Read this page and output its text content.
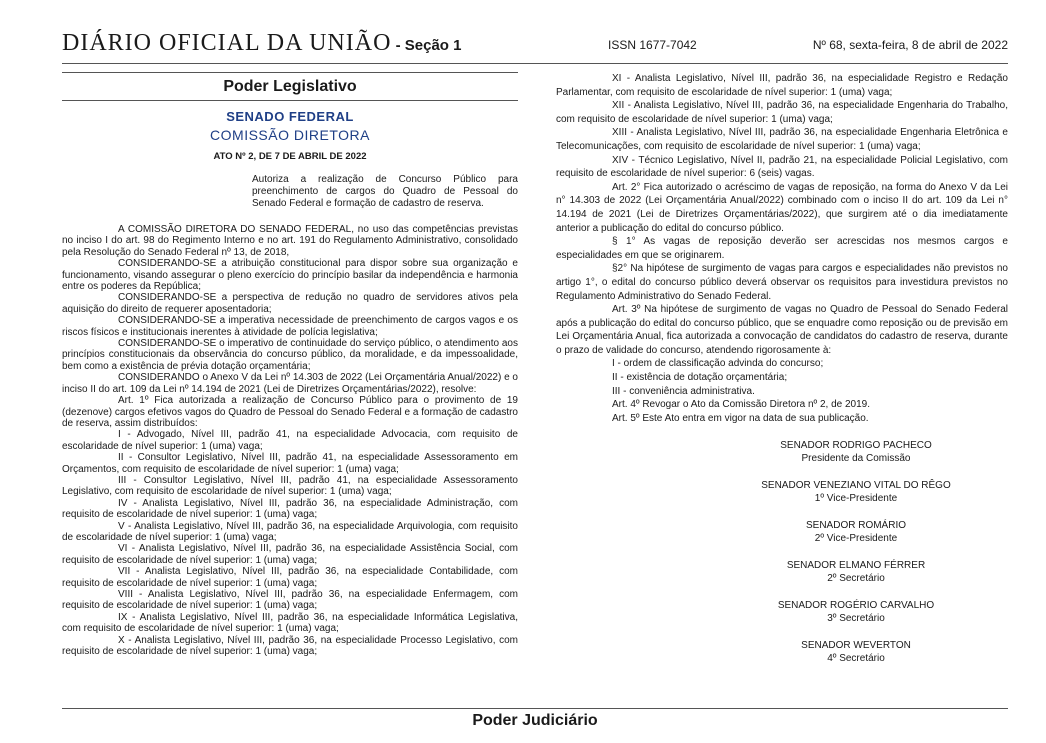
DIÁRIO OFICIAL DA UNIÃO - Seção 1	ISSN 1677-7042	Nº 68, sexta-feira, 8 de abril de 2022
Poder Legislativo
SENADO FEDERAL
COMISSÃO DIRETORA
ATO Nº 2, DE 7 DE ABRIL DE 2022
Autoriza a realização de Concurso Público para preenchimento de cargos do Quadro de Pessoal do Senado Federal e formação de cadastro de reserva.

A COMISSÃO DIRETORA DO SENADO FEDERAL, no uso das competências previstas no inciso I do art. 98 do Regimento Interno e no art. 191 do Regulamento Administrativo, consolidado pela Resolução do Senado Federal nº 13, de 2018,

CONSIDERANDO-SE a atribuição constitucional para dispor sobre sua organização e funcionamento, visando assegurar o pleno exercício do princípio basilar da independência e harmonia entre os poderes da República;

CONSIDERANDO-SE a perspectiva de redução no quadro de servidores ativos pela aquisição do direito de requerer aposentadoria;

CONSIDERANDO-SE a imperativa necessidade de preenchimento de cargos vagos e os riscos físicos e institucionais inerentes à atividade de polícia legislativa;

CONSIDERANDO-SE o imperativo de continuidade do serviço público, o atendimento aos princípios constitucionais da observância do concurso público, da moralidade, e da impessoalidade, bem como a existência de prévia dotação orçamentária;

CONSIDERANDO o Anexo V da Lei nº 14.303 de 2022 (Lei Orçamentária Anual/2022) e o inciso II do art. 109 da Lei nº 14.194 de 2021 (Lei de Diretrizes Orçamentárias/2022), resolve:

Art. 1º Fica autorizada a realização de Concurso Público para o provimento de 19 (dezenove) cargos efetivos vagos do Quadro de Pessoal do Senado Federal e a formação de cadastro de reserva, assim distribuídos:

I - Advogado, Nível III, padrão 41, na especialidade Advocacia, com requisito de escolaridade de nível superior: 1 (uma) vaga;

II - Consultor Legislativo, Nível III, padrão 41, na especialidade Assessoramento em Orçamentos, com requisito de escolaridade de nível superior: 1 (uma) vaga;

III - Consultor Legislativo, Nível III, padrão 41, na especialidade Assessoramento Legislativo, com requisito de escolaridade de nível superior: 1 (uma) vaga;

IV - Analista Legislativo, Nível III, padrão 36, na especialidade Administração, com requisito de escolaridade de nível superior: 1 (uma) vaga;

V - Analista Legislativo, Nível III, padrão 36, na especialidade Arquivologia, com requisito de escolaridade de nível superior: 1 (uma) vaga;

VI - Analista Legislativo, Nível III, padrão 36, na especialidade Assistência Social, com requisito de escolaridade de nível superior: 1 (uma) vaga;

VII - Analista Legislativo, Nível III, padrão 36, na especialidade Contabilidade, com requisito de escolaridade de nível superior: 1 (uma) vaga;

VIII - Analista Legislativo, Nível III, padrão 36, na especialidade Enfermagem, com requisito de escolaridade de nível superior: 1 (uma) vaga;

IX - Analista Legislativo, Nível III, padrão 36, na especialidade Informática Legislativa, com requisito de escolaridade de nível superior: 1 (uma) vaga;

X - Analista Legislativo, Nível III, padrão 36, na especialidade Processo Legislativo, com requisito de escolaridade de nível superior: 1 (uma) vaga;

XI - Analista Legislativo, Nível III, padrão 36, na especialidade Registro e Redação Parlamentar, com requisito de escolaridade de nível superior: 1 (uma) vaga;

XII - Analista Legislativo, Nível III, padrão 36, na especialidade Engenharia do Trabalho, com requisito de escolaridade de nível superior: 1 (uma) vaga;

XIII - Analista Legislativo, Nível III, padrão 36, na especialidade Engenharia Eletrônica e Telecomunicações, com requisito de escolaridade de nível superior: 1 (uma) vaga;

XIV - Técnico Legislativo, Nível II, padrão 21, na especialidade Policial Legislativo, com requisito de escolaridade de nível superior: 6 (seis) vagas.

Art. 2° Fica autorizado o acréscimo de vagas de reposição, na forma do Anexo V da Lei n° 14.303 de 2022 (Lei Orçamentária Anual/2022) combinado com o inciso II do art. 109 da Lei n° 14.194 de 2021 (Lei de Diretrizes Orçamentárias/2022), que surgirem até o dia imediatamente anterior a publicação do edital do concurso público.

§ 1° As vagas de reposição deverão ser acrescidas nos mesmos cargos e especialidades em que se originarem.

§2° Na hipótese de surgimento de vagas para cargos e especialidades não previstos no artigo 1°, o edital do concurso público deverá observar os requisitos para investidura previstos no Regulamento Administrativo do Senado Federal.

Art. 3º Na hipótese de surgimento de vagas no Quadro de Pessoal do Senado Federal após a publicação do edital do concurso público, que se enquadre como reposição ou de previsão em Lei Orçamentária Anual, fica autorizada a convocação de candidatos do cadastro de reserva, durante o prazo de validade do concurso, atendendo rigorosamente à:

I - ordem de classificação advinda do concurso;

II - existência de dotação orçamentária;

III - conveniência administrativa.

Art. 4º Revogar o Ato da Comissão Diretora nº 2, de 2019.

Art. 5º Este Ato entra em vigor na data de sua publicação.

SENADOR RODRIGO PACHECO
Presidente da Comissão
SENADOR VENEZIANO VITAL DO RÊGO
1º Vice-Presidente
SENADOR ROMÁRIO
2º Vice-Presidente
SENADOR ELMANO FÉRRER
2º Secretário
SENADOR ROGÉRIO CARVALHO
3º Secretário
SENADOR WEVERTON
4º Secretário
Poder Judiciário
